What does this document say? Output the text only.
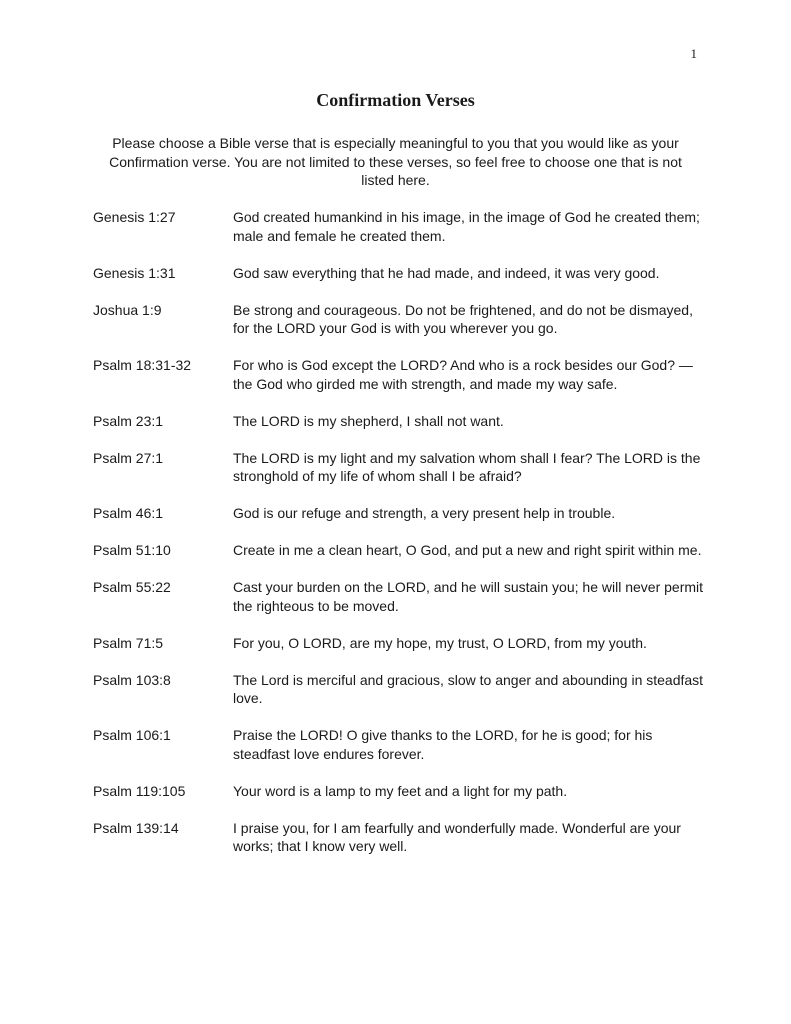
1
Confirmation Verses

Please choose a Bible verse that is especially meaningful to you that you would like as your Confirmation verse. You are not limited to these verses, so feel free to choose one that is not listed here.

Genesis 1:27	God created humankind in his image, in the image of God he created them; male and female he created them.
Genesis 1:31	God saw everything that he had made, and indeed, it was very good.
Joshua 1:9	Be strong and courageous. Do not be frightened, and do not be dismayed, for the LORD your God is with you wherever you go.
Psalm 18:31-32	For who is God except the LORD? And who is a rock besides our God? —the God who girded me with strength, and made my way safe.
Psalm 23:1	The LORD is my shepherd, I shall not want.
Psalm 27:1	The LORD is my light and my salvation whom shall I fear? The LORD is the stronghold of my life of whom shall I be afraid?
Psalm 46:1	God is our refuge and strength, a very present help in trouble.
Psalm 51:10	Create in me a clean heart, O God, and put a new and right spirit within me.
Psalm 55:22	Cast your burden on the LORD, and he will sustain you; he will never permit the righteous to be moved.
Psalm 71:5	For you, O LORD, are my hope, my trust, O LORD, from my youth.
Psalm 103:8	The Lord is merciful and gracious, slow to anger and abounding in steadfast love.
Psalm 106:1	Praise the LORD! O give thanks to the LORD, for he is good; for his steadfast love endures forever.
Psalm 119:105	Your word is a lamp to my feet and a light for my path.
Psalm 139:14	I praise you, for I am fearfully and wonderfully made. Wonderful are your works; that I know very well.
